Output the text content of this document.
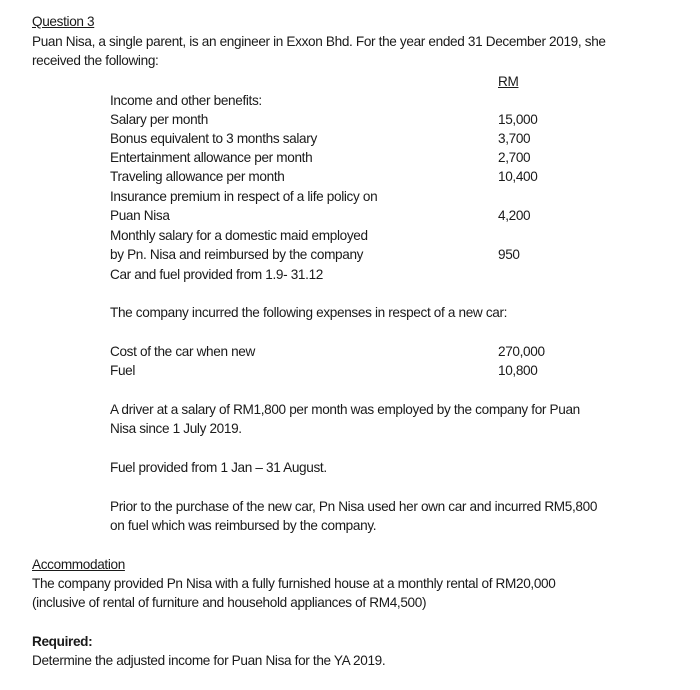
Question 3
Puan Nisa, a single parent, is an engineer in Exxon Bhd. For the year ended 31 December 2019, she
received the following:
RM
Income and other benefits:
Salary per month	15,000
Bonus equivalent to 3 months salary	3,700
Entertainment allowance per month	2,700
Traveling allowance per month	10,400
Insurance premium in respect of a life policy on
Puan Nisa	4,200
Monthly salary for a domestic maid employed
by Pn. Nisa and reimbursed by the company	950
Car and fuel provided from 1.9- 31.12
The company incurred the following expenses in respect of a new car:
Cost of the car when new	270,000
Fuel	10,800
A driver at a salary of RM1,800 per month was employed by the company for Puan
Nisa since 1 July 2019.
Fuel provided from 1 Jan – 31 August.
Prior to the purchase of the new car, Pn Nisa used her own car and incurred RM5,800
on fuel which was reimbursed by the company.
Accommodation
The company provided Pn Nisa with a fully furnished house at a monthly rental of RM20,000
(inclusive of rental of furniture and household appliances of RM4,500)
Required:
Determine the adjusted income for Puan Nisa for the YA 2019.
